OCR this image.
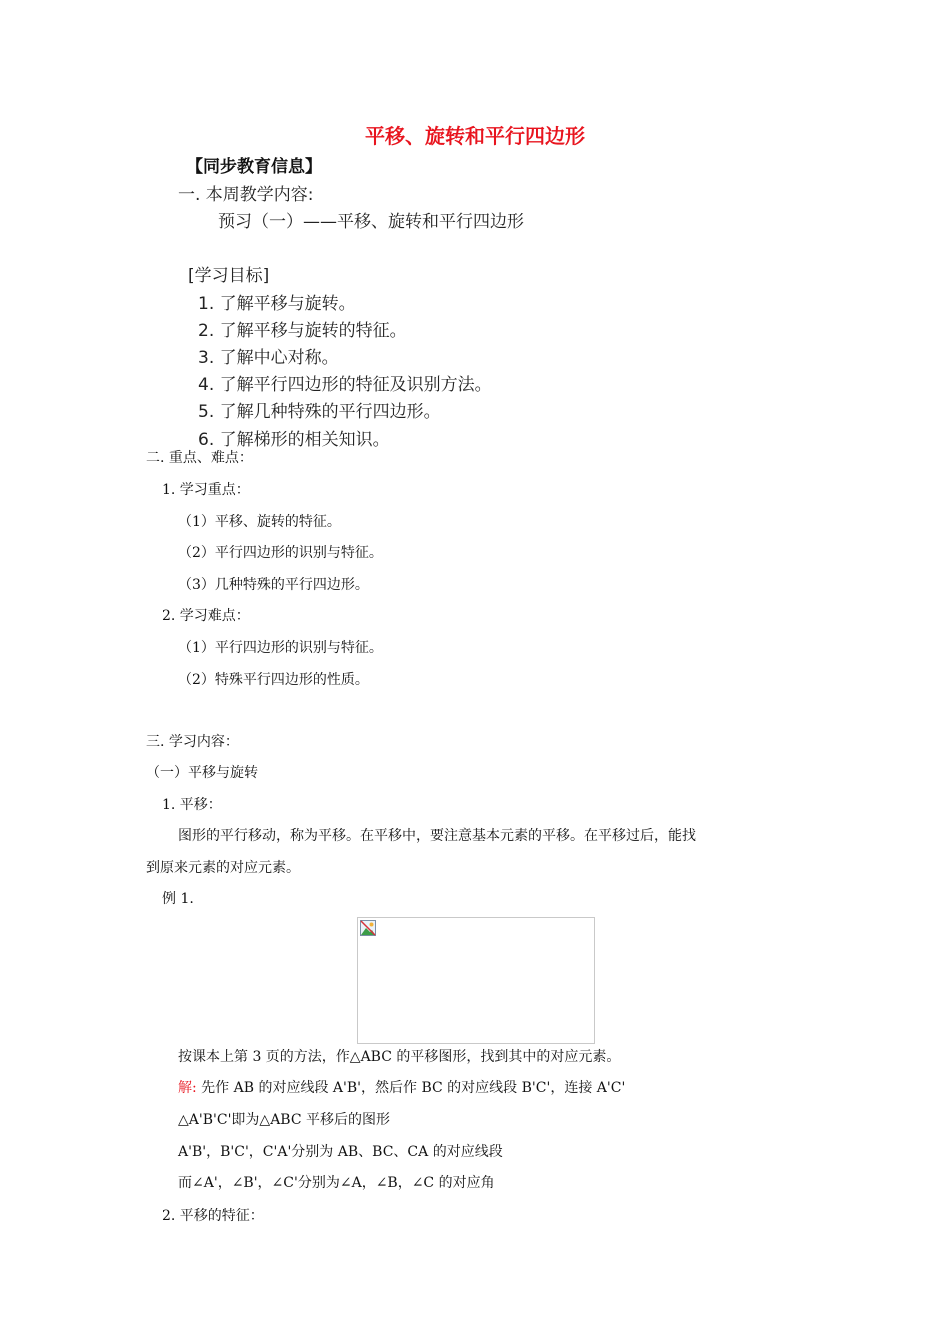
平移、旋转和平行四边形
【同步教育信息】
一. 本周教学内容:
预习（一）——平移、旋转和平行四边形
[学习目标]
1. 了解平移与旋转。
2. 了解平移与旋转的特征。
3. 了解中心对称。
4. 了解平行四边形的特征及识别方法。
5. 了解几种特殊的平行四边形。
6. 了解梯形的相关知识。
二. 重点、难点：
1. 学习重点：
（1）平移、旋转的特征。
（2）平行四边形的识别与特征。
（3）几种特殊的平行四边形。
2. 学习难点：
（1）平行四边形的识别与特征。
（2）特殊平行四边形的性质。
三. 学习内容：
（一）平移与旋转
1. 平移：
图形的平行移动，称为平移。在平移中，要注意基本元素的平移。在平移过后，能找
到原来元素的对应元素。
例 1.
按课本上第 3 页的方法，作△ABC 的平移图形，找到其中的对应元素。
解: 先作 AB 的对应线段 A'B'，然后作 BC 的对应线段 B'C'，连接 A'C'
△A'B'C'即为△ABC 平移后的图形
A'B'，B'C'，C'A'分别为 AB、BC、CA 的对应线段
而∠A'，∠B'，∠C'分别为∠A，∠B，∠C 的对应角
2. 平移的特征：
